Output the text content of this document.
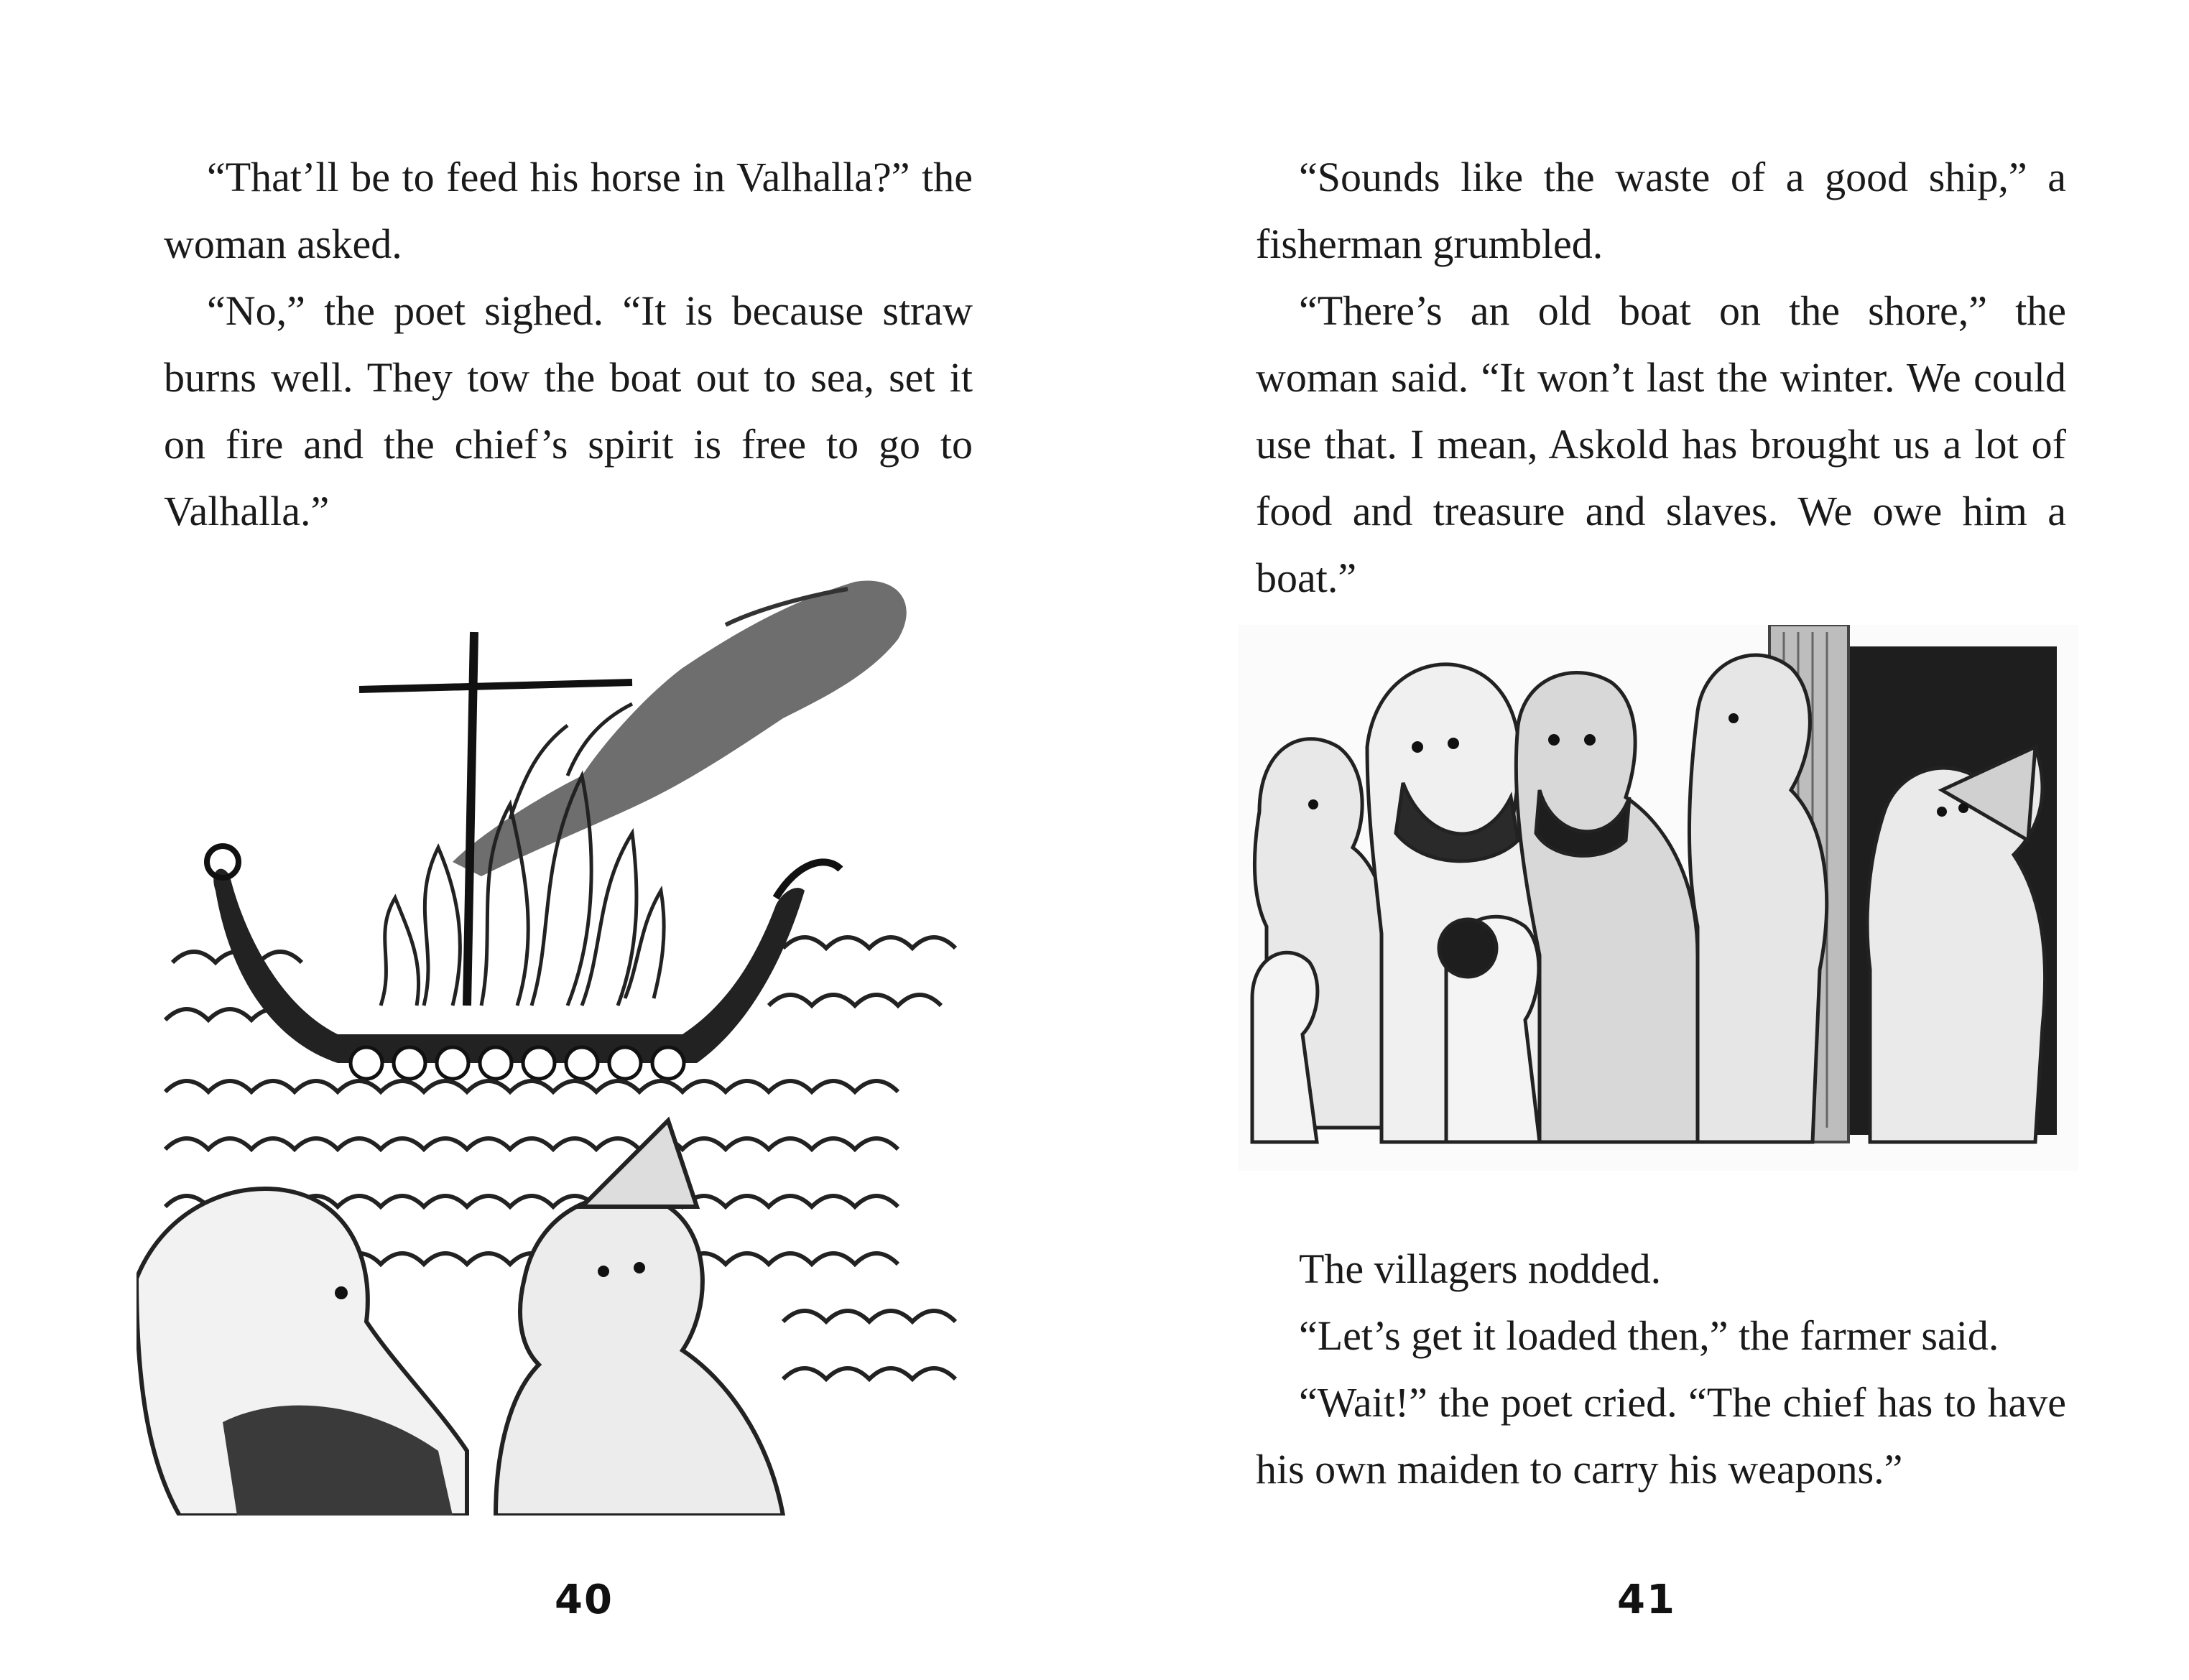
“That’ll be to feed his horse in Valhalla?” the woman asked.

“No,” the poet sighed. “It is because straw burns well. They tow the boat out to sea, set it on fire and the chief’s spirit is free to go to Valhalla.”

40

“Sounds like the waste of a good ship,” a fisherman grumbled.

“There’s an old boat on the shore,” the woman said. “It won’t last the winter. We could use that. I mean, Askold has brought us a lot of food and treasure and slaves. We owe him a boat.”

The villagers nodded.

“Let’s get it loaded then,” the farmer said.

“Wait!” the poet cried. “The chief has to have his own maiden to carry his weapons.”

41
